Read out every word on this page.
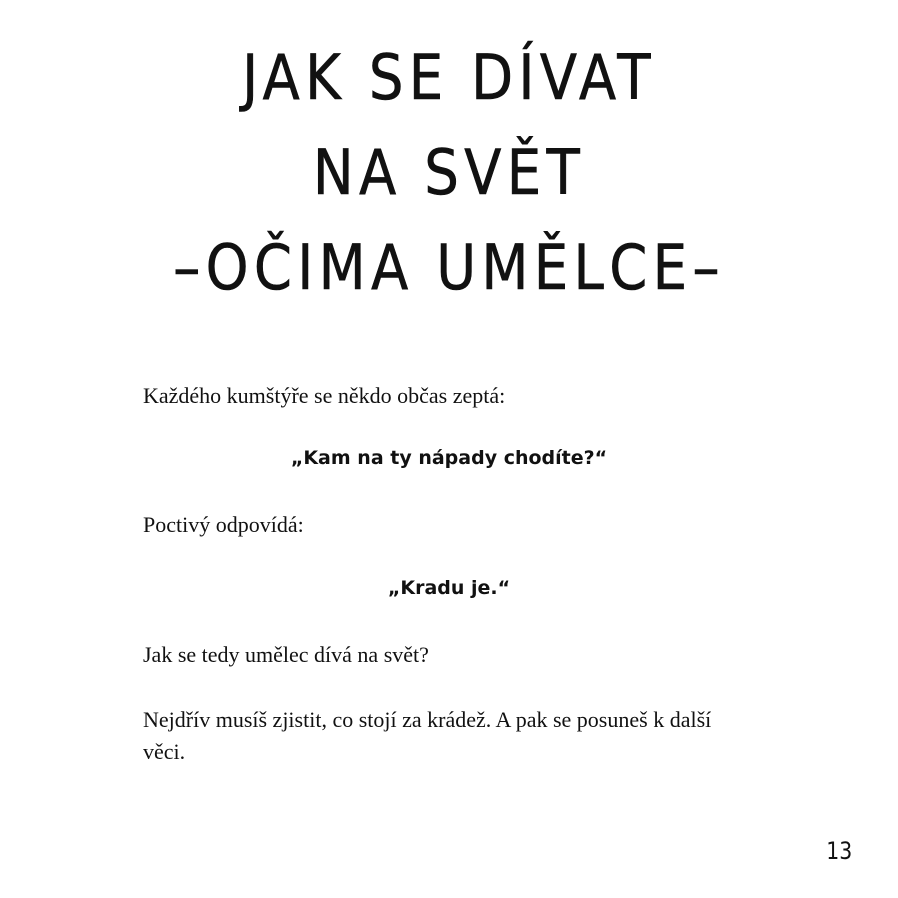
JAK SE DÍVAT
NA SVĚT
–OČIMA UMĚLCE–
Každého kumštýře se někdo občas zeptá:
„Kam na ty nápady chodíte?“
Poctivý odpovídá:
„Kradu je.“
Jak se tedy umělec dívá na svět?
Nejdřív musíš zjistit, co stojí za krádež. A pak se posuneš k další
věci.
13
